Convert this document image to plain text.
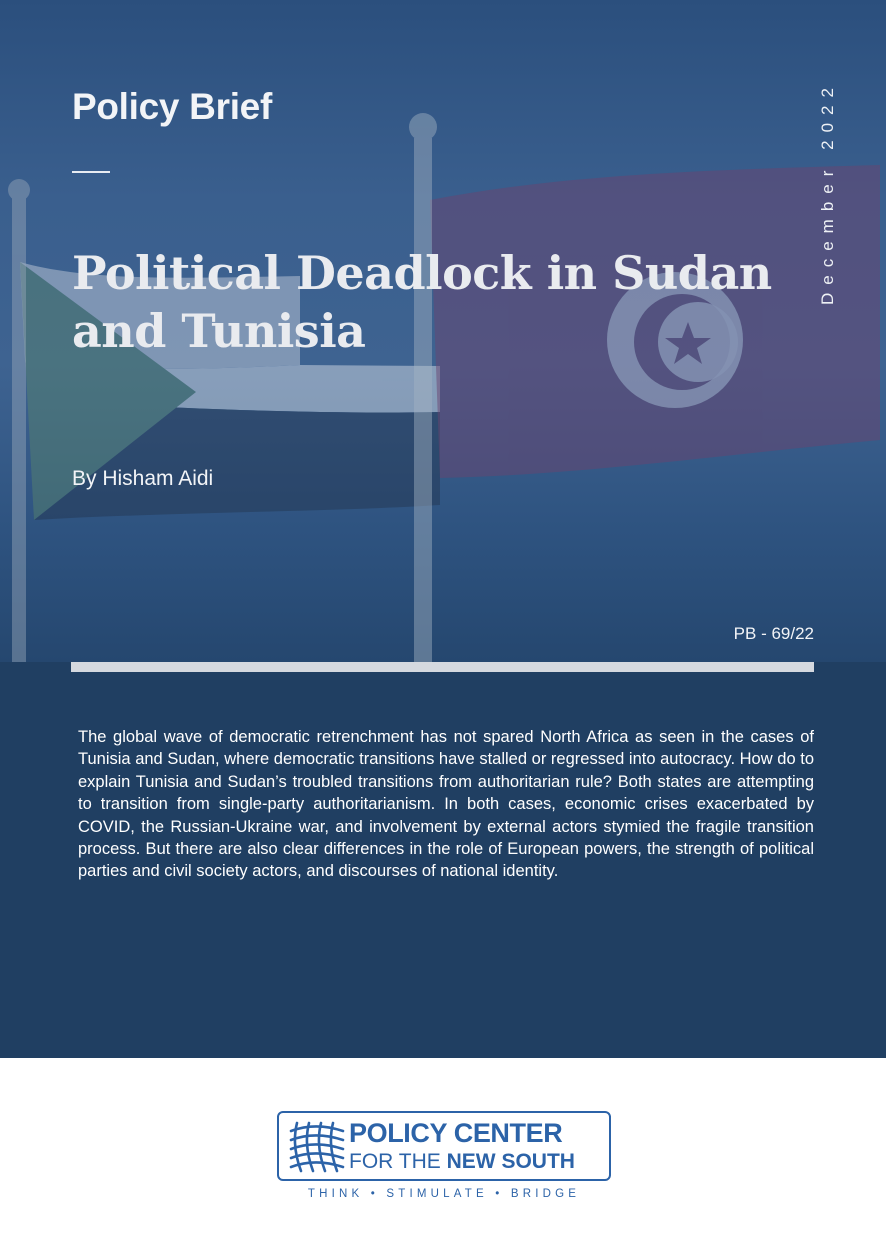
Policy Brief
Political Deadlock in Sudan and Tunisia

By Hisham Aidi

December 2022

PB - 69/22

The global wave of democratic retrenchment has not spared North Africa as seen in the cases of Tunisia and Sudan, where democratic transitions have stalled or regressed into autocracy. How do to explain Tunisia and Sudan’s troubled transitions from authoritarian rule? Both states are attempting to transition from single-party authoritarianism. In both cases, economic crises exacerbated by COVID, the Russian-Ukraine war, and involvement by external actors stymied the fragile transition process. But there are also clear differences in the role of European powers, the strength of political parties and civil society actors, and discourses of national identity.

POLICY CENTER

FOR THE NEW SOUTH

THINK • STIMULATE • BRIDGE
